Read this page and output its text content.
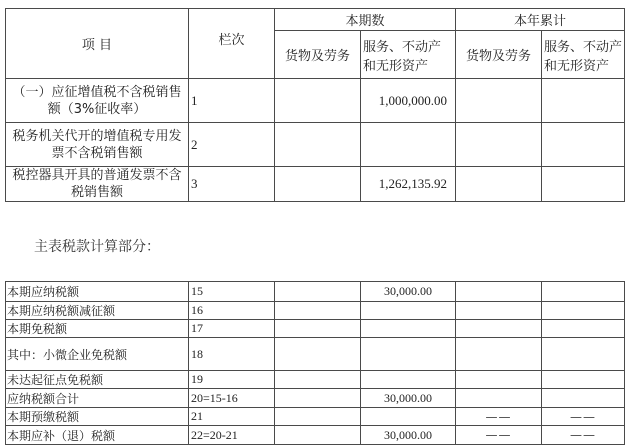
项 目	栏次	本期数		本年累计	
		货物及劳务	服务、不动产和无形资产	货物及劳务	服务、不动产和无形资产
（一）应征增值税不含税销售额（3%征收率）	1		1,000,000.00		
税务机关代开的增值税专用发票不含税销售额	2				
税控器具开具的普通发票不含税销售额	3		1,262,135.92		
主表税款计算部分：
本期应纳税额	15		30,000.00		
本期应纳税额减征额	16				
本期免税额	17				
其中：小微企业免税额	18				
未达起征点免税额	19				
应纳税额合计	20=15-16		30,000.00		
本期预缴税额	21			——	——
本期应补（退）税额	22=20-21		30,000.00	——	——
